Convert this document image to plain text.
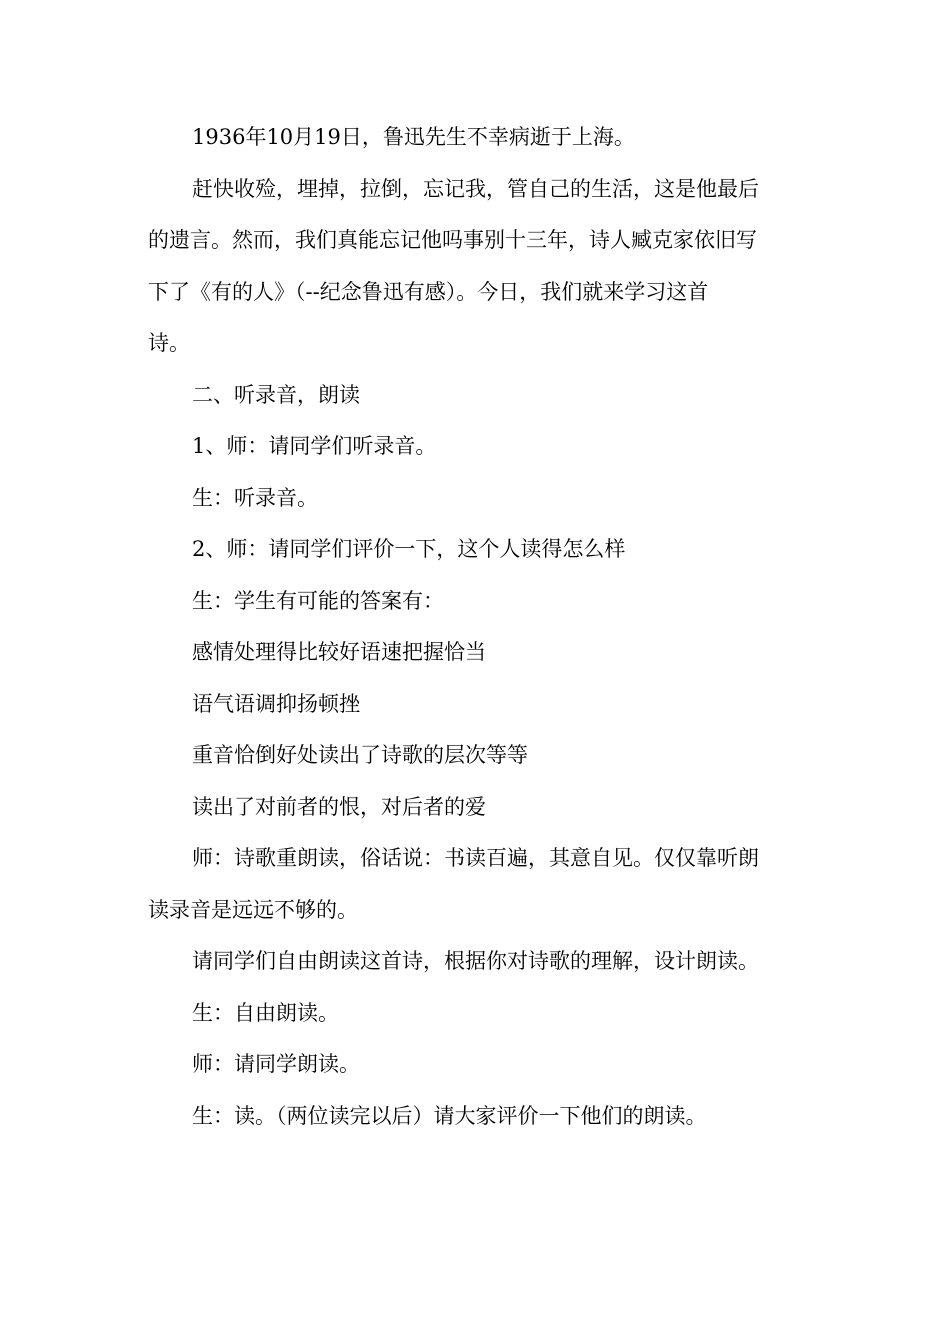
1936年10月19日，鲁迅先生不幸病逝于上海。

赶快收殓，埋掉，拉倒，忘记我，管自己的生活，这是他最后

的遗言。然而，我们真能忘记他吗事别十三年，诗人臧克家依旧写

下了《有的人》（--纪念鲁迅有感）。今日，我们就来学习这首

诗。

二、听录音，朗读

1、师：请同学们听录音。

生：听录音。

2、师：请同学们评价一下，这个人读得怎么样

生：学生有可能的答案有：

感情处理得比较好语速把握恰当

语气语调抑扬顿挫

重音恰倒好处读出了诗歌的层次等等

读出了对前者的恨，对后者的爱

师：诗歌重朗读，俗话说：书读百遍，其意自见。仅仅靠听朗

读录音是远远不够的。

请同学们自由朗读这首诗，根据你对诗歌的理解，设计朗读。

生：自由朗读。

师：请同学朗读。

生：读。（两位读完以后）请大家评价一下他们的朗读。
